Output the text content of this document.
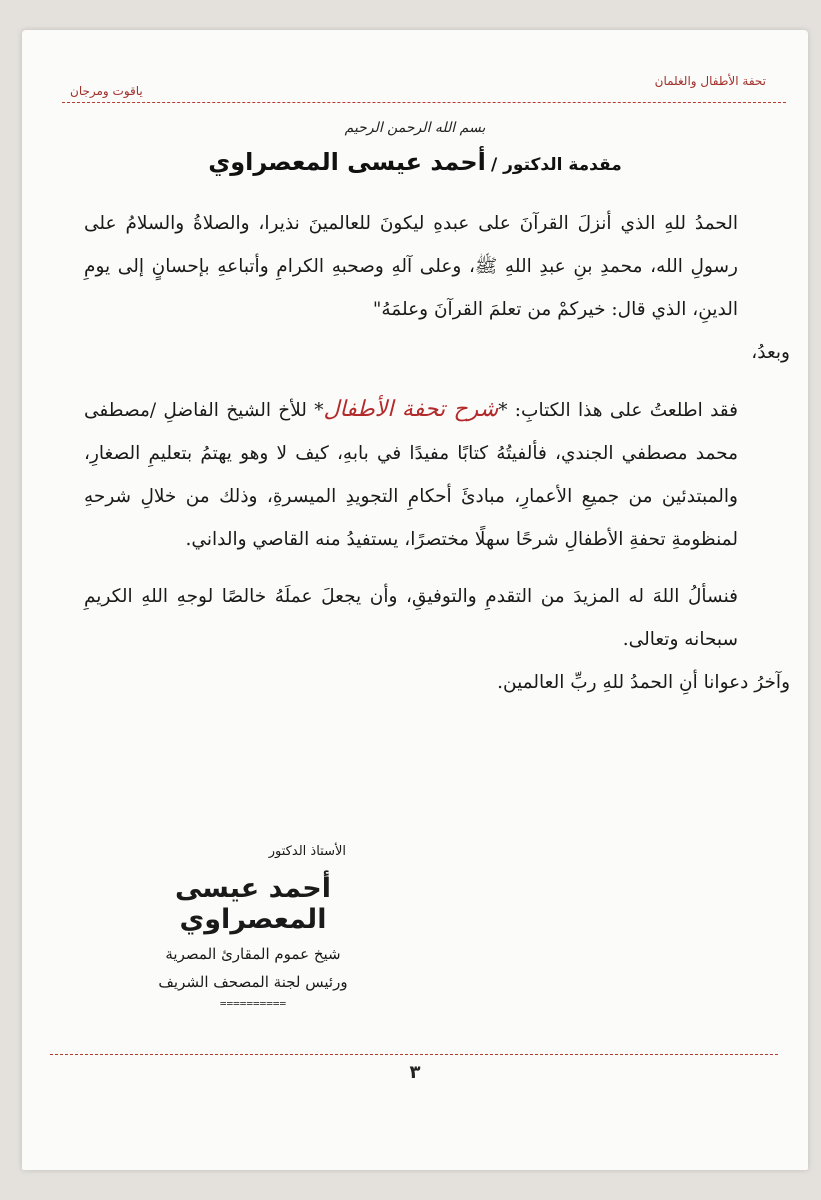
ياقوت ومرجان
تحفة الأطفال والغلمان
بسم الله الرحمن الرحيم
مقدمة الدكتور / أحمد عيسى المعصراوي

الحمدُ للهِ الذي أنزلَ القرآنَ على عبدهِ ليكونَ للعالمينَ نذيرا، والصلاةُ والسلامُ على رسولِ الله، محمدِ بنِ عبدِ اللهِ ﷺ، وعلى آلهِ وصحبهِ الكرامِ وأتباعهِ بإحسانٍ إلى يومِ الدينِ، الذي قال: خيركمْ من تعلمَ القرآنَ وعلمَهُ"

وبعدُ،

فقد اطلعتُ على هذا الكتابِ: *شرح تحفة الأطفال* للأخ الشيخ الفاضلِ /مصطفى محمد مصطفي الجندي، فألفيتُهُ كتابًا مفيدًا في بابهِ، كيف لا وهو يهتمُ بتعليمِ الصغارِ، والمبتدئين من جميعِ الأعمارِ، مبادئَ أحكامِ التجويدِ الميسرةِ، وذلك من خلالِ شرحهِ لمنظومةِ تحفةِ الأطفالِ شرحًا سهلًا مختصرًا، يستفيدُ منه القاصي والداني.

فنسألُ اللهَ له المزيدَ من التقدمِ والتوفيقِ، وأن يجعلَ عملَهُ خالصًا لوجهِ اللهِ الكريمِ سبحانه وتعالى.

وآخرُ دعوانا أنِ الحمدُ للهِ ربِّ العالمين.

الأستاذ الدكتور
أحمد عيسى المعصراوي
شيخ عموم المقارئ المصرية
ورئيس لجنة المصحف الشريف
==========
٣
